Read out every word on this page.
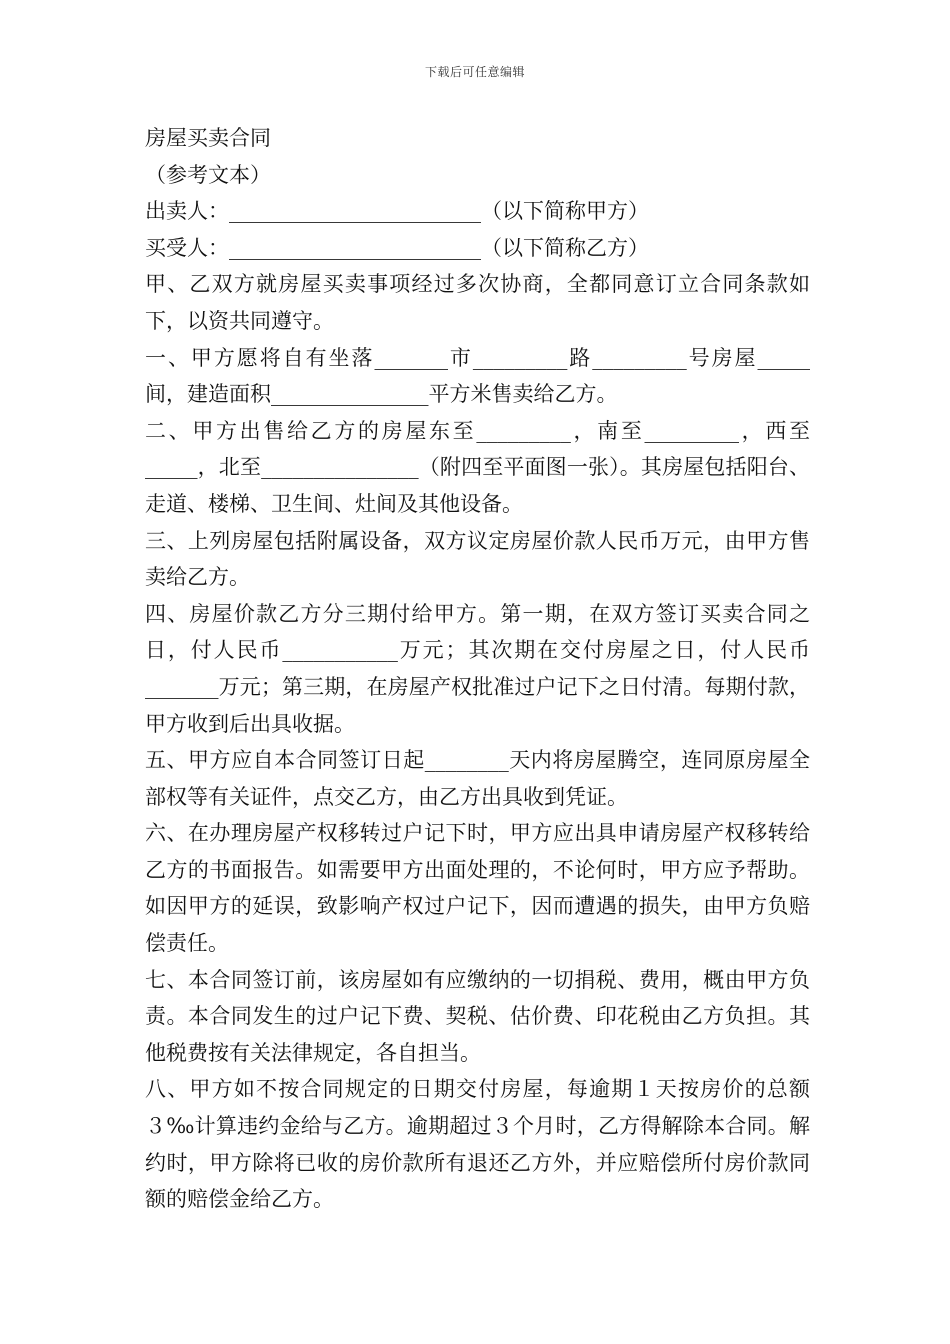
下载后可任意编辑

房屋买卖合同

（参考文本）

出卖人：________________________（以下简称甲方）

买受人：________________________（以下简称乙方）

甲、乙双方就房屋买卖事项经过多次协商，全都同意订立合同条款如下，以资共同遵守。

一、甲方愿将自有坐落_______市_________路_________号房屋_____间，建造面积_______________平方米售卖给乙方。

二、甲方出售给乙方的房屋东至_________，南至_________，西至_____，北至_______________（附四至平面图一张）。其房屋包括阳台、走道、楼梯、卫生间、灶间及其他设备。

三、上列房屋包括附属设备，双方议定房屋价款人民币万元，由甲方售卖给乙方。

四、房屋价款乙方分三期付给甲方。第一期，在双方签订买卖合同之日，付人民币___________万元；其次期在交付房屋之日，付人民币_______万元；第三期，在房屋产权批准过户记下之日付清。每期付款，甲方收到后出具收据。

五、甲方应自本合同签订日起________天内将房屋腾空，连同原房屋全部权等有关证件，点交乙方，由乙方出具收到凭证。

六、在办理房屋产权移转过户记下时，甲方应出具申请房屋产权移转给乙方的书面报告。如需要甲方出面处理的，不论何时，甲方应予帮助。如因甲方的延误，致影响产权过户记下，因而遭遇的损失，由甲方负赔偿责任。

七、本合同签订前，该房屋如有应缴纳的一切捐税、费用，概由甲方负责。本合同发生的过户记下费、契税、估价费、印花税由乙方负担。其他税费按有关法律规定，各自担当。

八、甲方如不按合同规定的日期交付房屋，每逾期１天按房价的总额３‰计算违约金给与乙方。逾期超过３个月时，乙方得解除本合同。解约时，甲方除将已收的房价款所有退还乙方外，并应赔偿所付房价款同额的赔偿金给乙方。
